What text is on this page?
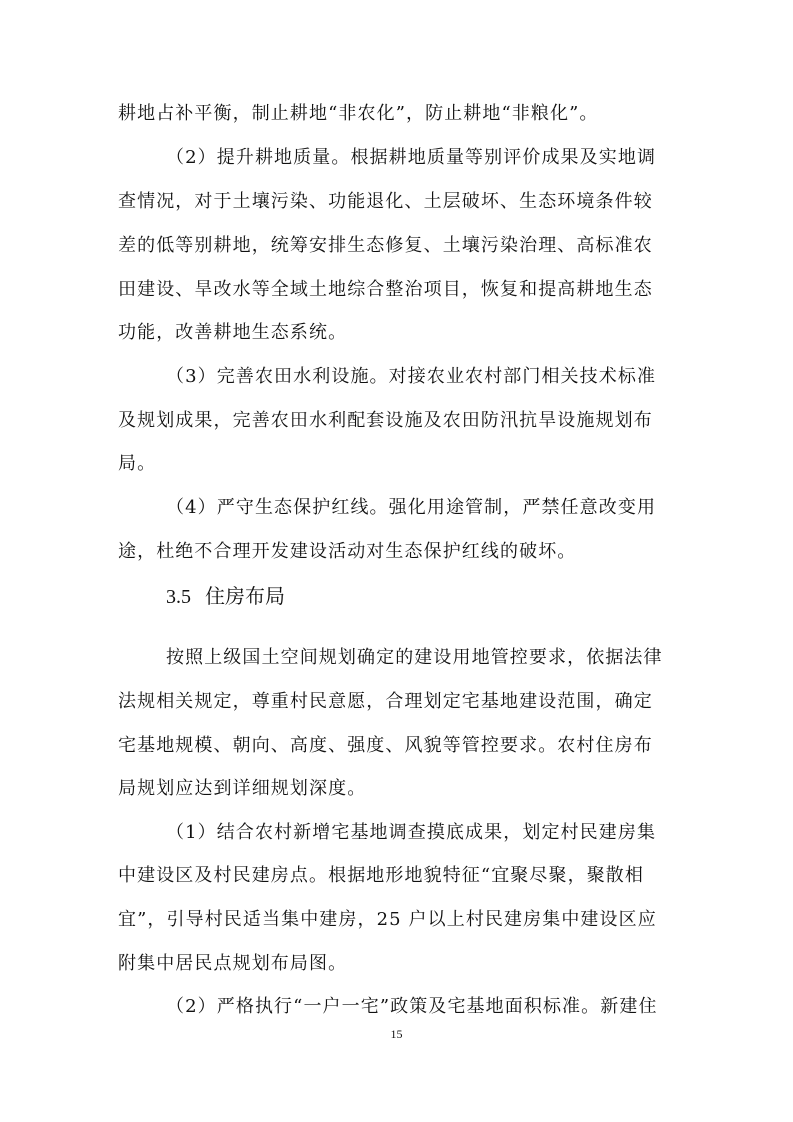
耕地占补平衡，制止耕地“非农化”，防止耕地“非粮化”。
（2）提升耕地质量。根据耕地质量等别评价成果及实地调
查情况，对于土壤污染、功能退化、土层破坏、生态环境条件较
差的低等别耕地，统筹安排生态修复、土壤污染治理、高标准农
田建设、旱改水等全域土地综合整治项目，恢复和提高耕地生态
功能，改善耕地生态系统。
（3）完善农田水利设施。对接农业农村部门相关技术标准
及规划成果，完善农田水利配套设施及农田防汛抗旱设施规划布
局。
（4）严守生态保护红线。强化用途管制，严禁任意改变用
途，杜绝不合理开发建设活动对生态保护红线的破坏。
3.5 住房布局
按照上级国土空间规划确定的建设用地管控要求，依据法律
法规相关规定，尊重村民意愿，合理划定宅基地建设范围，确定
宅基地规模、朝向、高度、强度、风貌等管控要求。农村住房布
局规划应达到详细规划深度。
（1）结合农村新增宅基地调查摸底成果，划定村民建房集
中建设区及村民建房点。根据地形地貌特征“宜聚尽聚，聚散相
宜”，引导村民适当集中建房，25 户以上村民建房集中建设区应
附集中居民点规划布局图。
（2）严格执行“一户一宅”政策及宅基地面积标准。新建住
15
